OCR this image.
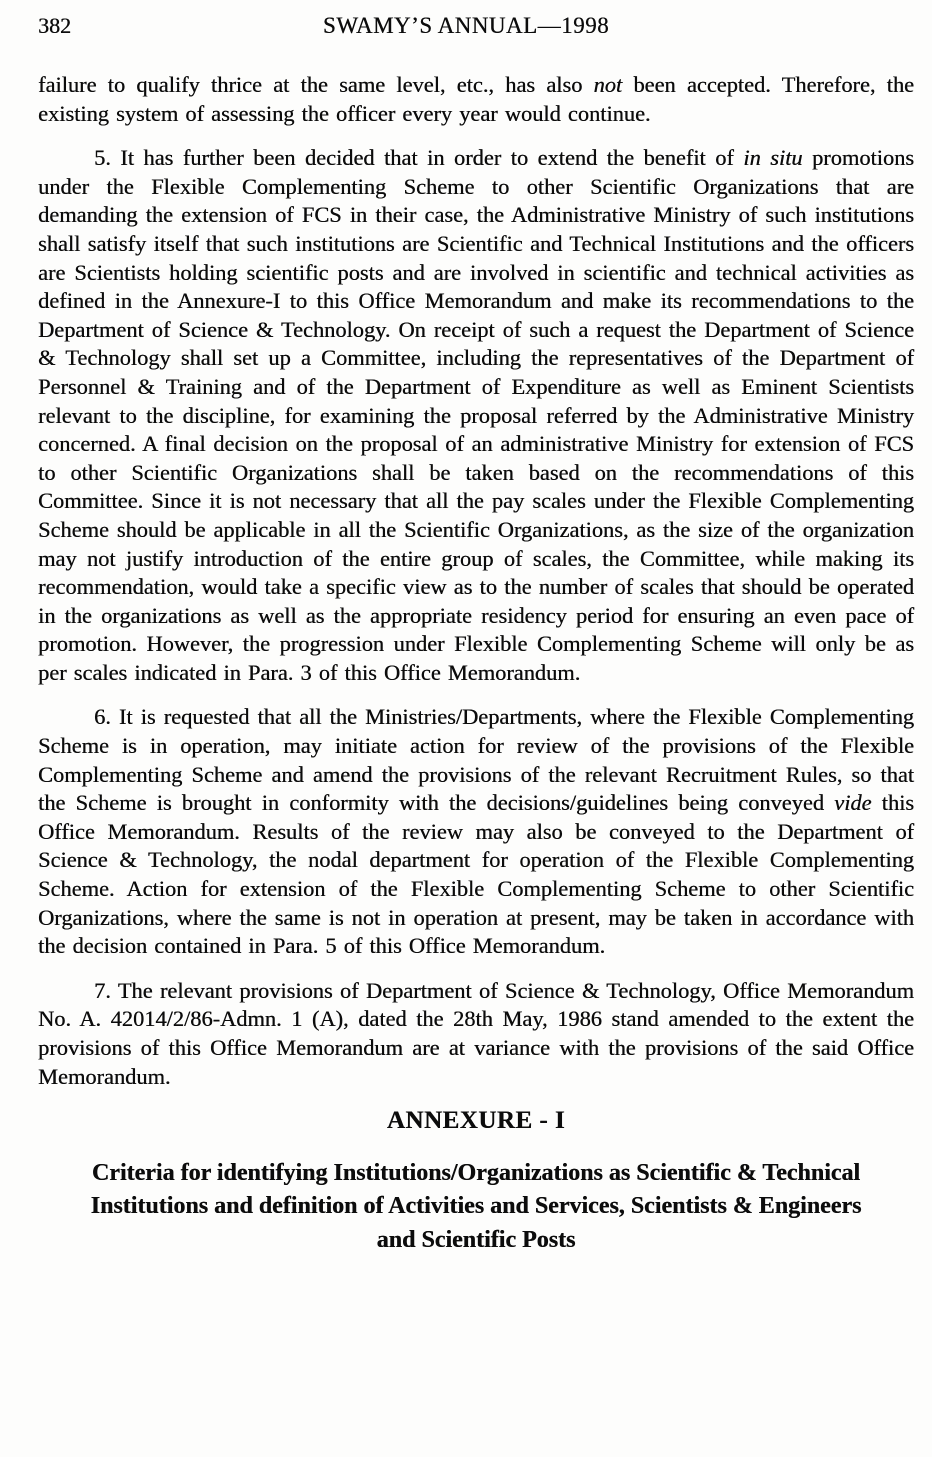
382	SWAMY’S ANNUAL—1998

failure to qualify thrice at the same level, etc., has also not been accepted. Therefore, the existing system of assessing the officer every year would continue.

5. It has further been decided that in order to extend the benefit of in situ promotions under the Flexible Complementing Scheme to other Scientific Organizations that are demanding the extension of FCS in their case, the Administrative Ministry of such institutions shall satisfy itself that such institutions are Scientific and Technical Institutions and the officers are Scientists holding scientific posts and are involved in scientific and technical activities as defined in the Annexure-I to this Office Memorandum and make its recommendations to the Department of Science & Technology. On receipt of such a request the Department of Science & Technology shall set up a Committee, including the representatives of the Department of Personnel & Training and of the Department of Expenditure as well as Eminent Scientists relevant to the discipline, for examining the proposal referred by the Administrative Ministry concerned. A final decision on the proposal of an administrative Ministry for extension of FCS to other Scientific Organizations shall be taken based on the recommendations of this Committee. Since it is not necessary that all the pay scales under the Flexible Complementing Scheme should be applicable in all the Scientific Organizations, as the size of the organization may not justify introduction of the entire group of scales, the Committee, while making its recommendation, would take a specific view as to the number of scales that should be operated in the organizations as well as the appropriate residency period for ensuring an even pace of promotion. However, the progression under Flexible Complementing Scheme will only be as per scales indicated in Para. 3 of this Office Memorandum.

6. It is requested that all the Ministries/Departments, where the Flexible Complementing Scheme is in operation, may initiate action for review of the provisions of the Flexible Complementing Scheme and amend the provisions of the relevant Recruitment Rules, so that the Scheme is brought in conformity with the decisions/guidelines being conveyed vide this Office Memorandum. Results of the review may also be conveyed to the Department of Science & Technology, the nodal department for operation of the Flexible Complementing Scheme. Action for extension of the Flexible Complementing Scheme to other Scientific Organizations, where the same is not in operation at present, may be taken in accordance with the decision contained in Para. 5 of this Office Memorandum.

7. The relevant provisions of Department of Science & Technology, Office Memorandum No. A. 42014/2/86-Admn. 1 (A), dated the 28th May, 1986 stand amended to the extent the provisions of this Office Memorandum are at variance with the provisions of the said Office Memorandum.

ANNEXURE - I
Criteria for identifying Institutions/Organizations as Scientific & Technical Institutions and definition of Activities and Services, Scientists & Engineers and Scientific Posts
